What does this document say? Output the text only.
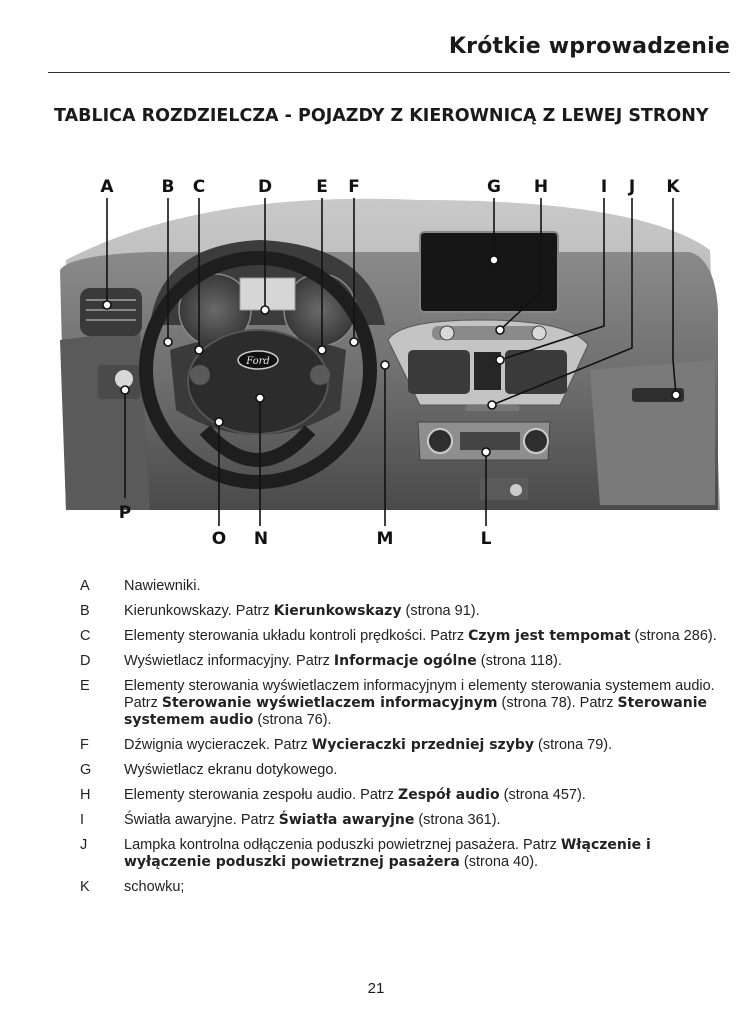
Krótkie wprowadzenie
TABLICA ROZDZIELCZA - POJAZDY Z KIEROWNICĄ Z LEWEJ STRONY
Ford
A	B C	D	E F	G H	I J K
P
O N	M	L
A	Nawiewniki.
B	Kierunkowskazy. Patrz Kierunkowskazy (strona 91).
C	Elementy sterowania układu kontroli prędkości. Patrz Czym jest tempomat (strona 286).
D	Wyświetlacz informacyjny. Patrz Informacje ogólne (strona 118).
E	Elementy sterowania wyświetlaczem informacyjnym i elementy sterowania systemem audio. Patrz Sterowanie wyświetlaczem informacyjnym (strona 78). Patrz Sterowanie systemem audio (strona 76).
F	Dźwignia wycieraczek. Patrz Wycieraczki przedniej szyby (strona 79).
G	Wyświetlacz ekranu dotykowego.
H	Elementy sterowania zespołu audio. Patrz Zespół audio (strona 457).
I	Światła awaryjne. Patrz Światła awaryjne (strona 361).
J	Lampka kontrolna odłączenia poduszki powietrznej pasażera. Patrz Włączenie i wyłączenie poduszki powietrznej pasażera (strona 40).
K	schowku;
21
